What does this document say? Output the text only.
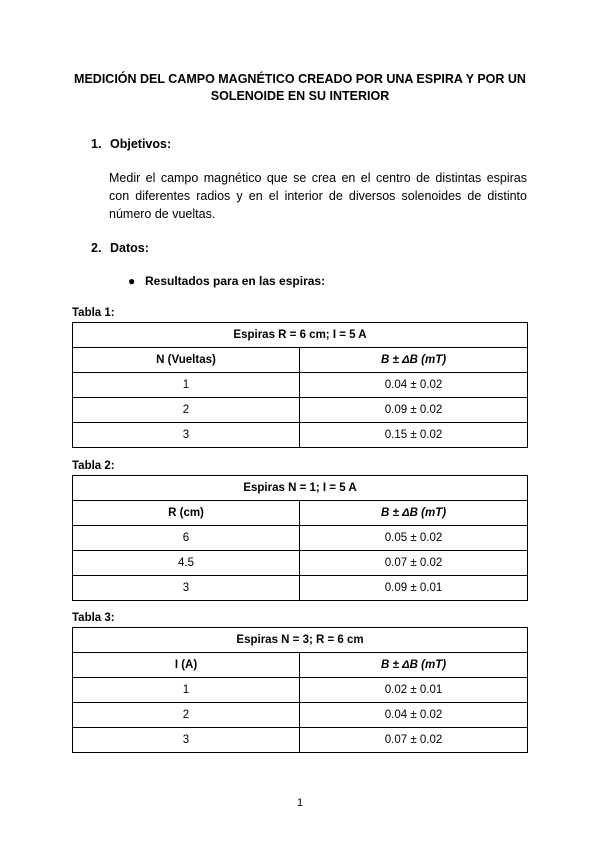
MEDICIÓN DEL CAMPO MAGNÉTICO CREADO POR UNA ESPIRA Y POR UN SOLENOIDE EN SU INTERIOR
1. Objetivos:
Medir el campo magnético que se crea en el centro de distintas espiras con diferentes radios y en el interior de diversos solenoides de distinto número de vueltas.
2. Datos:
● Resultados para en las espiras:
Tabla 1:
Espiras R = 6 cm; I = 5 A	
N (Vueltas)	B ± ΔB (mT)
1	0.04 ± 0.02
2	0.09 ± 0.02
3	0.15 ± 0.02
Tabla 2:
Espiras N = 1; I = 5 A	
R (cm)	B ± ΔB (mT)
6	0.05 ± 0.02
4.5	0.07 ± 0.02
3	0.09 ± 0.01
Tabla 3:
Espiras N = 3; R = 6 cm	
I (A)	B ± ΔB (mT)
1	0.02 ± 0.01
2	0.04 ± 0.02
3	0.07 ± 0.02
1
